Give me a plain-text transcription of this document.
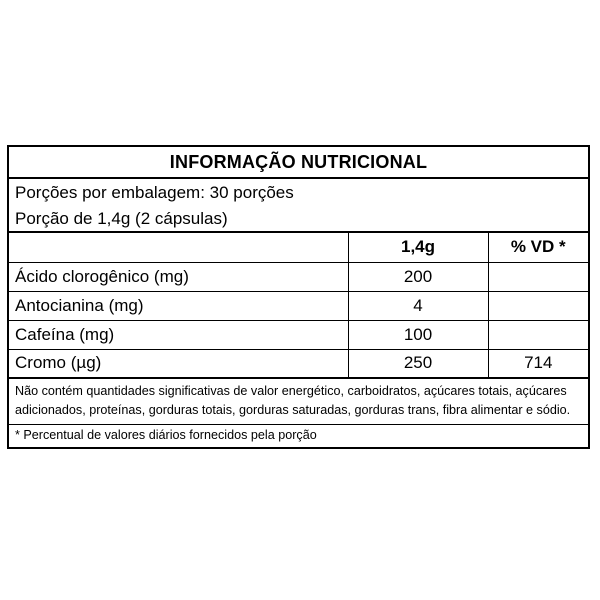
INFORMAÇÃO NUTRICIONAL
Porções por embalagem: 30 porções
Porção de 1,4g (2 cápsulas)
	1,4g	% VD *
Ácido clorogênico (mg)	200	
Antocianina (mg)	4	
Cafeína (mg)	100	
Cromo (µg)	250	714
Não contém quantidades significativas de valor energético, carboidratos, açúcares totais, açúcares adicionados, proteínas, gorduras totais, gorduras saturadas, gorduras trans, fibra alimentar e sódio.
* Percentual de valores diários fornecidos pela porção
